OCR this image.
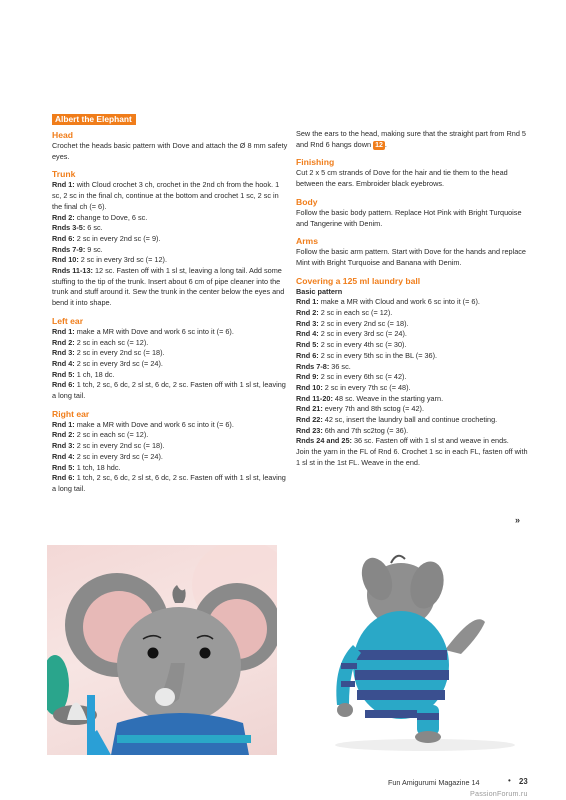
Albert the Elephant
Head

Crochet the heads basic pattern with Dove and attach the Ø 8 mm safety eyes.

Trunk

Rnd 1: with Cloud crochet 3 ch, crochet in the 2nd ch from the hook. 1 sc, 2 sc in the final ch, continue at the bottom and crochet 1 sc, 2 sc in the final ch (= 6).

Rnd 2: change to Dove, 6 sc.

Rnds 3-5: 6 sc.

Rnd 6: 2 sc in every 2nd sc (= 9).

Rnds 7-9: 9 sc.

Rnd 10: 2 sc in every 3rd sc (= 12).

Rnds 11-13: 12 sc. Fasten off with 1 sl st, leaving a long tail. Add some stuffing to the tip of the trunk. Insert about 6 cm of pipe cleaner into the trunk and stuff around it. Sew the trunk in the center below the eyes and bend it into shape.

Left ear

Rnd 1: make a MR with Dove and work 6 sc into it (= 6).

Rnd 2: 2 sc in each sc (= 12).

Rnd 3: 2 sc in every 2nd sc (= 18).

Rnd 4: 2 sc in every 3rd sc (= 24).

Rnd 5: 1 ch, 18 dc.

Rnd 6: 1 tch, 2 sc, 6 dc, 2 sl st, 6 dc, 2 sc. Fasten off with 1 sl st, leaving a long tail.

Right ear

Rnd 1: make a MR with Dove and work 6 sc into it (= 6).

Rnd 2: 2 sc in each sc (= 12).

Rnd 3: 2 sc in every 2nd sc (= 18).

Rnd 4: 2 sc in every 3rd sc (= 24).

Rnd 5: 1 tch, 18 hdc.

Rnd 6: 1 tch, 2 sc, 6 dc, 2 sl st, 6 dc, 2 sc. Fasten off with 1 sl st, leaving a long tail.

Sew the ears to the head, making sure that the straight part from Rnd 5 and Rnd 6 hangs down 12 .

Finishing

Cut 2 x 5 cm strands of Dove for the hair and tie them to the head between the ears. Embroider black eyebrows.

Body

Follow the basic body pattern. Replace Hot Pink with Bright Turquoise and Tangerine with Denim.

Arms

Follow the basic arm pattern. Start with Dove for the hands and replace Mint with Bright Turquoise and Banana with Denim.

Covering a 125 ml laundry ball

Basic pattern

Rnd 1: make a MR with Cloud and work 6 sc into it (= 6).

Rnd 2: 2 sc in each sc (= 12).

Rnd 3: 2 sc in every 2nd sc (= 18).

Rnd 4: 2 sc in every 3rd sc (= 24).

Rnd 5: 2 sc in every 4th sc (= 30).

Rnd 6: 2 sc in every 5th sc in the BL (= 36).

Rnds 7-8: 36 sc.

Rnd 9: 2 sc in every 6th sc (= 42).

Rnd 10: 2 sc in every 7th sc (= 48).

Rnd 11-20: 48 sc. Weave in the starting yarn.

Rnd 21: every 7th and 8th sctog (= 42).

Rnd 22: 42 sc, insert the laundry ball and continue crocheting.

Rnd 23: 6th and 7th sc2tog (= 36).

Rnds 24 and 25: 36 sc. Fasten off with 1 sl st and weave in ends.

Join the yarn in the FL of Rnd 6. Crochet 1 sc in each FL, fasten off with 1 sl st in the 1st FL. Weave in the end.

»
Fun Amigurumi Magazine 14	• 23
PassionForum.ru
